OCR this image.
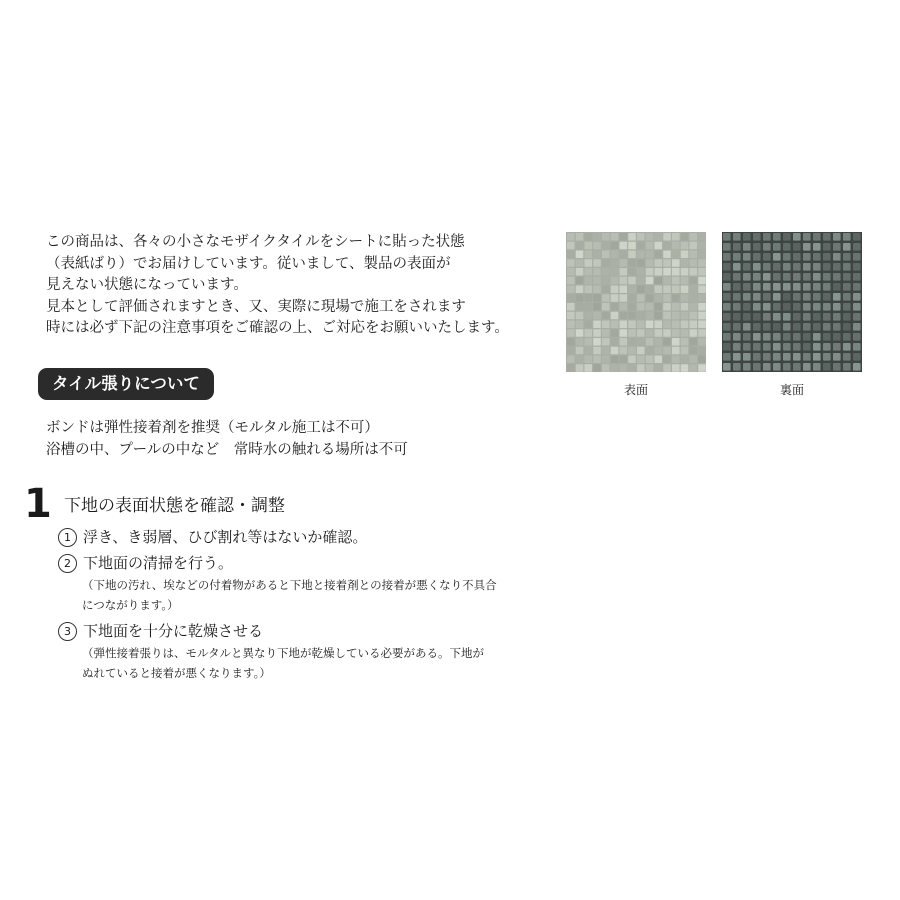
この商品は、各々の小さなモザイクタイルをシートに貼った状態

（表紙ばり）でお届けしています。従いまして、製品の表面が

見えない状態になっています。

見本として評価されますとき、又、実際に現場で施工をされます

時には必ず下記の注意事項をご確認の上、ご対応をお願いいたします。

表面	裏面
タイル張りについて

ボンドは弾性接着剤を推奨（モルタル施工は不可）

浴槽の中、プールの中など　常時水の触れる場所は不可

1 下地の表面状態を確認・調整
1 浮き、き弱層、ひび割れ等はないか確認。
2 下地面の清掃を行う。

（下地の汚れ、埃などの付着物があると下地と接着剤との接着が悪くなり不具合

につながります。）

3 下地面を十分に乾燥させる

（弾性接着張りは、モルタルと異なり下地が乾燥している必要がある。下地が

ぬれていると接着が悪くなります。）
